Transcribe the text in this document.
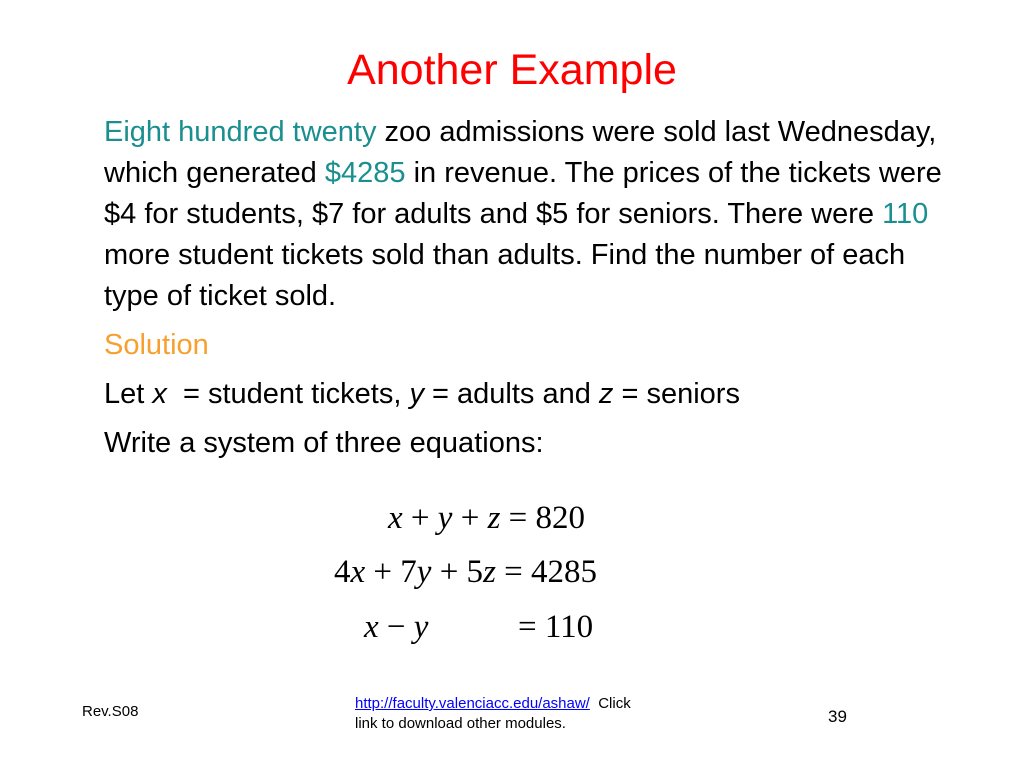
Another Example

Eight hundred twenty zoo admissions were sold last Wednesday, which generated $4285 in revenue. The prices of the tickets were $4 for students, $7 for adults and $5 for seniors. There were 110 more student tickets sold than adults. Find the number of each type of ticket sold.

Solution

Let x  = student tickets, y = adults and z = seniors

Write a system of three equations:

x + y + z = 820
4x + 7y + 5z = 4285
x − y	= 110
Rev.S08	http://faculty.valenciacc.edu/ashaw/  Click
link to download other modules.	39
